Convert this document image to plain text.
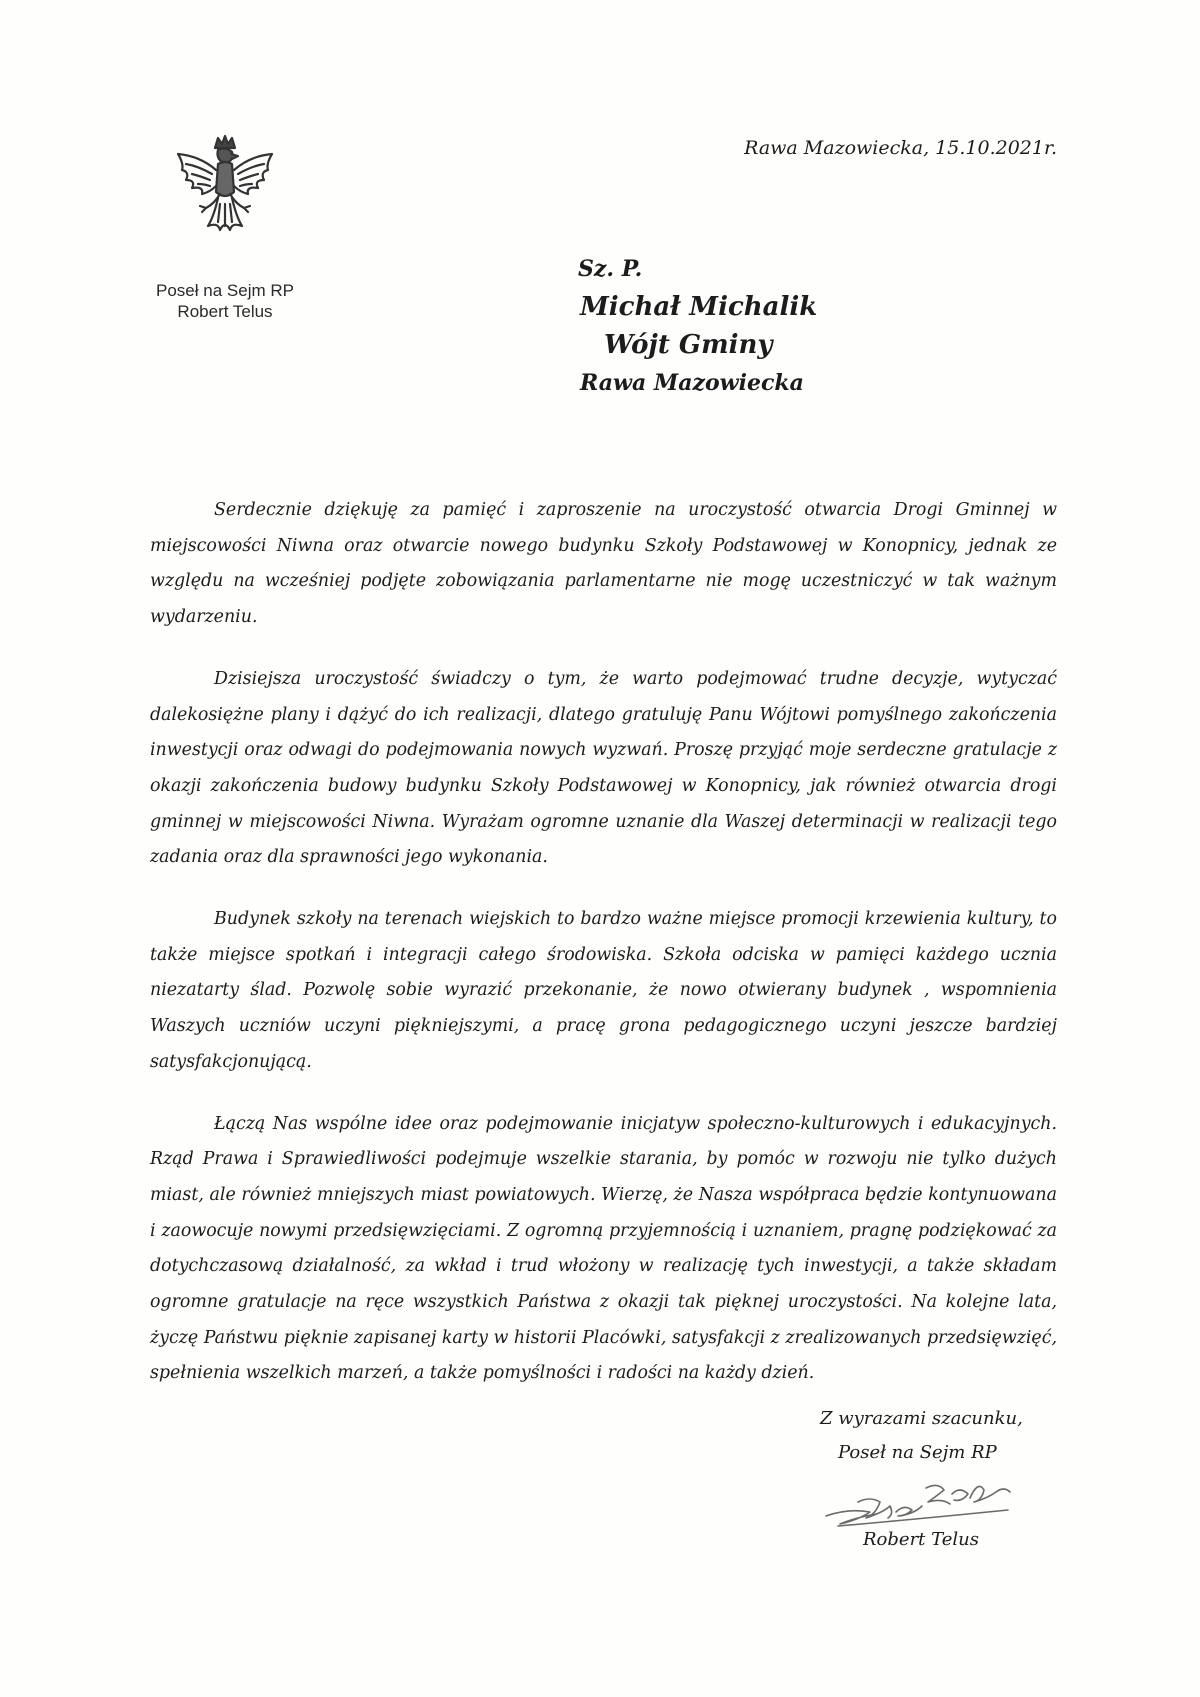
Poseł na Sejm RP
Robert Telus
Rawa Mazowiecka, 15.10.2021r.
Sz. P.
Michał Michalik
Wójt Gminy
Rawa Mazowiecka

Serdecznie dziękuję za pamięć i zaproszenie na uroczystość otwarcia Drogi Gminnej w miejscowości Niwna oraz otwarcie nowego budynku Szkoły Podstawowej w Konopnicy, jednak ze względu na wcześniej podjęte zobowiązania parlamentarne nie mogę uczestniczyć w tak ważnym wydarzeniu.

Dzisiejsza uroczystość świadczy o tym, że warto podejmować trudne decyzje, wytyczać dalekosiężne plany i dążyć do ich realizacji, dlatego gratuluję Panu Wójtowi pomyślnego zakończenia inwestycji oraz odwagi do podejmowania nowych wyzwań. Proszę przyjąć moje serdeczne gratulacje z okazji zakończenia budowy budynku Szkoły Podstawowej w Konopnicy, jak również otwarcia drogi gminnej w miejscowości Niwna. Wyrażam ogromne uznanie dla Waszej determinacji w realizacji tego zadania oraz dla sprawności jego wykonania.

Budynek szkoły na terenach wiejskich to bardzo ważne miejsce promocji krzewienia kultury, to także miejsce spotkań i integracji całego środowiska. Szkoła odciska w pamięci każdego ucznia niezatarty ślad. Pozwolę sobie wyrazić przekonanie, że nowo otwierany budynek , wspomnienia Waszych uczniów uczyni piękniejszymi, a pracę grona pedagogicznego uczyni jeszcze bardziej satysfakcjonującą.

Łączą Nas wspólne idee oraz podejmowanie inicjatyw społeczno-kulturowych i edukacyjnych. Rząd Prawa i Sprawiedliwości podejmuje wszelkie starania, by pomóc w rozwoju nie tylko dużych miast, ale również mniejszych miast powiatowych. Wierzę, że Nasza współpraca będzie kontynuowana i zaowocuje nowymi przedsięwzięciami. Z ogromną przyjemnością i uznaniem, pragnę podziękować za dotychczasową działalność, za wkład i trud włożony w realizację tych inwestycji, a także składam ogromne gratulacje na ręce wszystkich Państwa z okazji tak pięknej uroczystości. Na kolejne lata, życzę Państwu pięknie zapisanej karty w historii Placówki, satysfakcji z zrealizowanych przedsięwzięć, spełnienia wszelkich marzeń, a także pomyślności i radości na każdy dzień.

Z wyrazami szacunku,
Poseł na Sejm RP
Robert Telus
